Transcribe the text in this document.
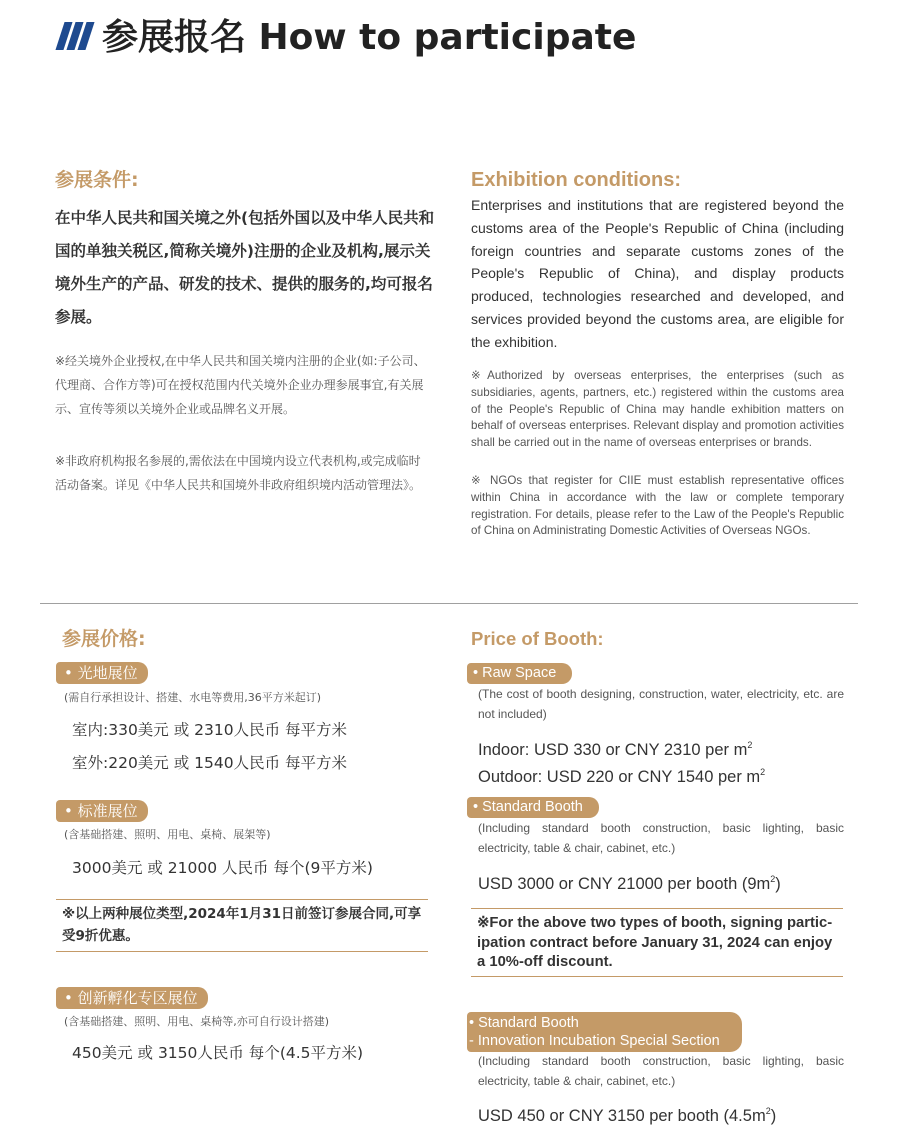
参展报名 How to participate
参展条件:
在中华人民共和国关境之外(包括外国以及中华人民共和国的单独关税区,简称关境外)注册的企业及机构,展示关境外生产的产品、研发的技术、提供的服务的,均可报名参展。
※经关境外企业授权,在中华人民共和国关境内注册的企业(如:子公司、代理商、合作方等)可在授权范围内代关境外企业办理参展事宜,有关展示、宣传等须以关境外企业或品牌名义开展。
※非政府机构报名参展的,需依法在中国境内设立代表机构,或完成临时活动备案。详见《中华人民共和国境外非政府组织境内活动管理法》。
Exhibition conditions:
Enterprises and institutions that are registered beyond the customs area of the People's Republic of China (including foreign countries and separate customs zones of the People's Republic of China), and display products produced, technologies researched and developed, and services provided beyond the customs area, are eligible for the exhibition.
※Authorized by overseas enterprises, the enterprises (such as subsidiaries, agents, partners, etc.) registered within the customs area of the People's Republic of China may handle exhibition matters on behalf of overseas enterprises. Relevant display and promotion activities shall be carried out in the name of overseas enterprises or brands.
※ NGOs that register for CIIE must establish representative offices within China in accordance with the law or complete temporary registration. For details, please refer to the Law of the People's Republic of China on Administrating Domestic Activities of Overseas NGOs.
参展价格:
• 光地展位
(需自行承担设计、搭建、水电等费用,36平方米起订)
室内:330美元 或 2310人民币 每平方米
室外:220美元 或 1540人民币 每平方米
• 标准展位
(含基础搭建、照明、用电、桌椅、展架等)
3000美元 或 21000 人民币 每个(9平方米)
※以上两种展位类型,2024年1月31日前签订参展合同,可享受9折优惠。
• 创新孵化专区展位
(含基础搭建、照明、用电、桌椅等,亦可自行设计搭建)
450美元 或 3150人民币 每个(4.5平方米)
Price of Booth:
• Raw Space
(The cost of booth designing, construction, water, electricity, etc. are not included)
Indoor: USD 330 or CNY 2310 per $m^2$
Outdoor: USD 220 or CNY 1540 per $m^2$
• Standard Booth
(Including standard booth construction, basic lighting, basic electricity, table & chair, cabinet, etc.)
USD 3000 or CNY 21000 per booth $(9m^2)$
※For the above two types of booth, signing partic-ipation contract before January 31, 2024 can enjoy a 10%-off discount.
• Standard Booth
- Innovation Incubation Special Section
(Including standard booth construction, basic lighting, basic electricity, table & chair, cabinet, etc.)
USD 450 or CNY 3150 per booth $(4.5m^2)$
